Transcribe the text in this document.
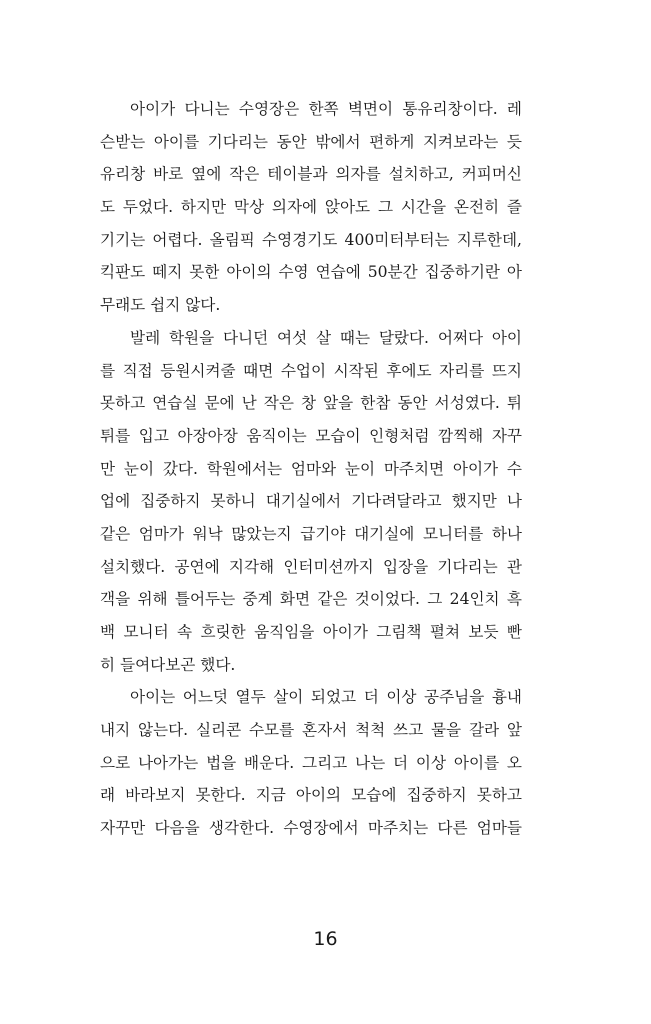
아이가 다니는 수영장은 한쪽 벽면이 통유리창이다. 레
슨받는 아이를 기다리는 동안 밖에서 편하게 지켜보라는 듯
유리창 바로 옆에 작은 테이블과 의자를 설치하고, 커피머신
도 두었다. 하지만 막상 의자에 앉아도 그 시간을 온전히 즐
기기는 어렵다. 올림픽 수영경기도 400미터부터는 지루한데,
킥판도 떼지 못한 아이의 수영 연습에 50분간 집중하기란 아
무래도 쉽지 않다.
발레 학원을 다니던 여섯 살 때는 달랐다. 어쩌다 아이
를 직접 등원시켜줄 때면 수업이 시작된 후에도 자리를 뜨지
못하고 연습실 문에 난 작은 창 앞을 한참 동안 서성였다. 튀
튀를 입고 아장아장 움직이는 모습이 인형처럼 깜찍해 자꾸
만 눈이 갔다. 학원에서는 엄마와 눈이 마주치면 아이가 수
업에 집중하지 못하니 대기실에서 기다려달라고 했지만 나
같은 엄마가 워낙 많았는지 급기야 대기실에 모니터를 하나
설치했다. 공연에 지각해 인터미션까지 입장을 기다리는 관
객을 위해 틀어두는 중계 화면 같은 것이었다. 그 24인치 흑
백 모니터 속 흐릿한 움직임을 아이가 그림책 펼쳐 보듯 빤
히 들여다보곤 했다.
아이는 어느덧 열두 살이 되었고 더 이상 공주님을 흉내
내지 않는다. 실리콘 수모를 혼자서 척척 쓰고 물을 갈라 앞
으로 나아가는 법을 배운다. 그리고 나는 더 이상 아이를 오
래 바라보지 못한다. 지금 아이의 모습에 집중하지 못하고
자꾸만 다음을 생각한다. 수영장에서 마주치는 다른 엄마들
16
